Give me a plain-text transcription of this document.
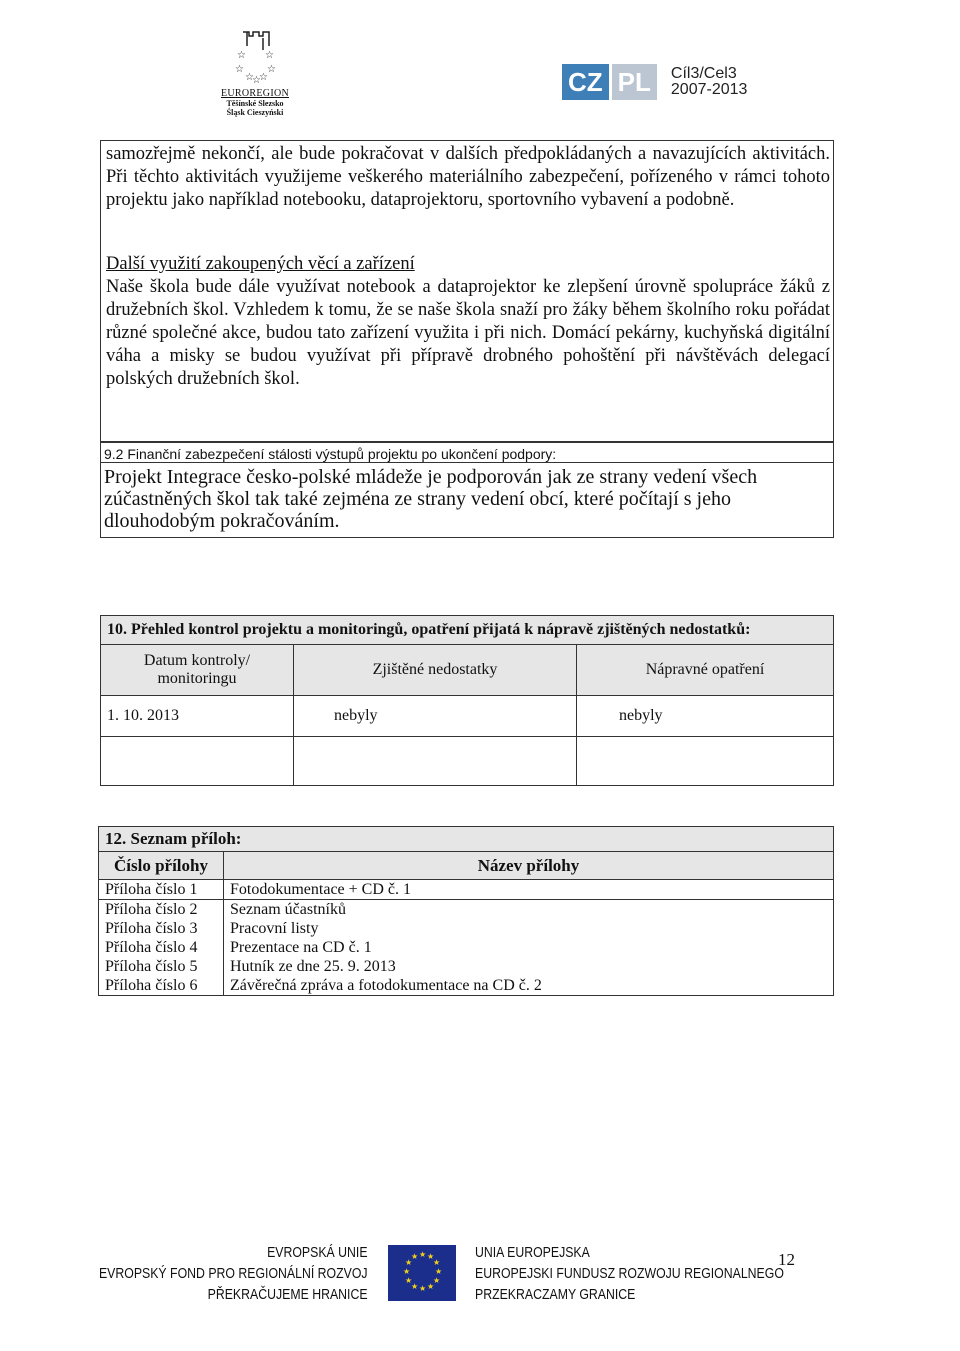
☆ ☆
☆ ☆
☆
☆
☆
EUROREGION
Těšínské Slezsko
Śląsk Cieszyński
CZ PL	Cíl3/Cel3
2007-2013
samozřejmě nekončí, ale bude pokračovat v dalších předpokládaných a navazujících aktivitách. Při těchto aktivitách využijeme veškerého materiálního zabezpečení, pořízeného v rámci tohoto projektu jako například notebooku, dataprojektoru, sportovního vybavení a podobně.
Další využití zakoupených věcí a zařízení
Naše škola bude dále využívat notebook a dataprojektor ke zlepšení úrovně spolupráce žáků z družebních škol. Vzhledem k tomu, že se naše škola snaží pro žáky během školního roku pořádat různé společné akce, budou tato zařízení využita i při nich. Domácí pekárny, kuchyňská digitální váha a misky se budou využívat při přípravě drobného pohoštění při návštěvách delegací polských družebních škol.
9.2 Finanční zabezpečení stálosti výstupů projektu po ukončení podpory:
Projekt Integrace česko-polské mládeže je podporován jak ze strany vedení všech zúčastněných škol tak také zejména ze strany vedení obcí, které počítají s jeho dlouhodobým pokračováním.
10. Přehled kontrol projektu a monitoringů, opatření přijatá k nápravě zjištěných nedostatků:		
Datum kontroly/ monitoringu	Zjištěné nedostatky	Nápravné opatření
1. 10. 2013	nebyly	nebyly

12. Seznam příloh:	
Číslo přílohy	Název přílohy
Příloha číslo 1	Fotodokumentace + CD č. 1
Příloha číslo 2	Seznam účastníků
Příloha číslo 3	Pracovní listy
Příloha číslo 4	Prezentace na CD č. 1
Příloha číslo 5	Hutník ze dne 25. 9. 2013
Příloha číslo 6	Závěrečná zpráva a fotodokumentace na CD č. 2
EVROPSKÁ UNIE
EVROPSKÝ FOND PRO REGIONÁLNÍ ROZVOJ
PŘEKRAČUJEME HRANICE
★ ★
★
★
★
★
★
★
★
★
★
★	UNIA EUROPEJSKA
EUROPEJSKI FUNDUSZ ROZWOJU REGIONALNEGO
PRZEKRACZAMY GRANICE
12
